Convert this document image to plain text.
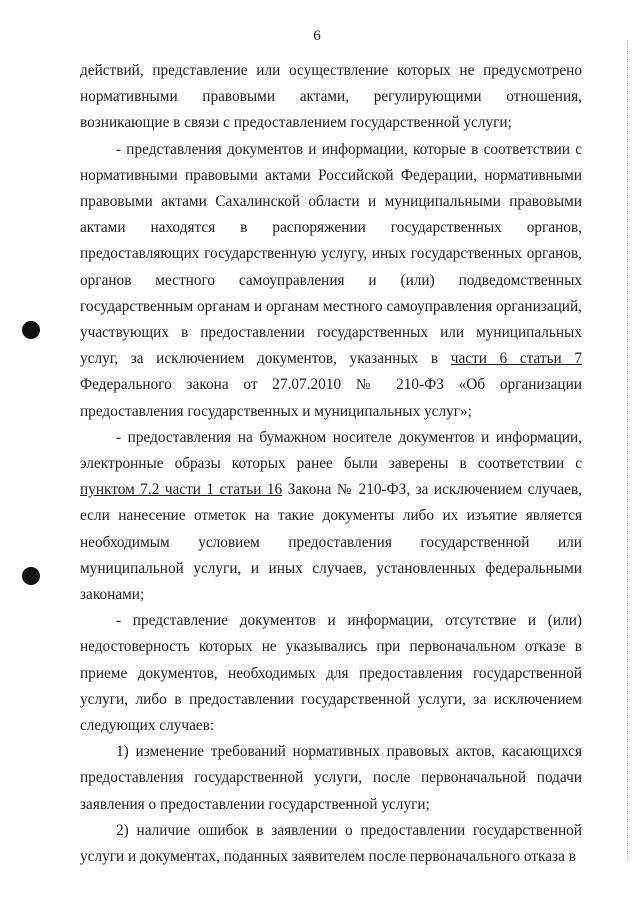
6

действий, представление или осуществление которых не предусмотрено нормативными правовыми актами, регулирующими отношения, возникающие в связи с предоставлением государственной услуги;

- представления документов и информации, которые в соответствии с нормативными правовыми актами Российской Федерации, нормативными правовыми актами Сахалинской области и муниципальными правовыми актами находятся в распоряжении государственных органов, предоставляющих государственную услугу, иных государственных органов, органов местного самоуправления и (или) подведомственных государственным органам и органам местного самоуправления организаций, участвующих в предоставлении государственных или муниципальных услуг, за исключением документов, указанных в части 6 статьи 7 Федерального закона от 27.07.2010 № 210-ФЗ «Об организации предоставления государственных и муниципальных услуг»;

- предоставления на бумажном носителе документов и информации, электронные образы которых ранее были заверены в соответствии с пунктом 7.2 части 1 статьи 16 Закона № 210-ФЗ, за исключением случаев, если нанесение отметок на такие документы либо их изъятие является необходимым условием предоставления государственной или муниципальной услуги, и иных случаев, установленных федеральными законами;

- представление документов и информации, отсутствие и (или) недостоверность которых не указывались при первоначальном отказе в приеме документов, необходимых для предоставления государственной услуги, либо в предоставлении государственной услуги, за исключением следующих случаев:

1) изменение требований нормативных правовых актов, касающихся предоставления государственной услуги, после первоначальной подачи заявления о предоставлении государственной услуги;

2) наличие ошибок в заявлении о предоставлении государственной услуги и документах, поданных заявителем после первоначального отказа в
